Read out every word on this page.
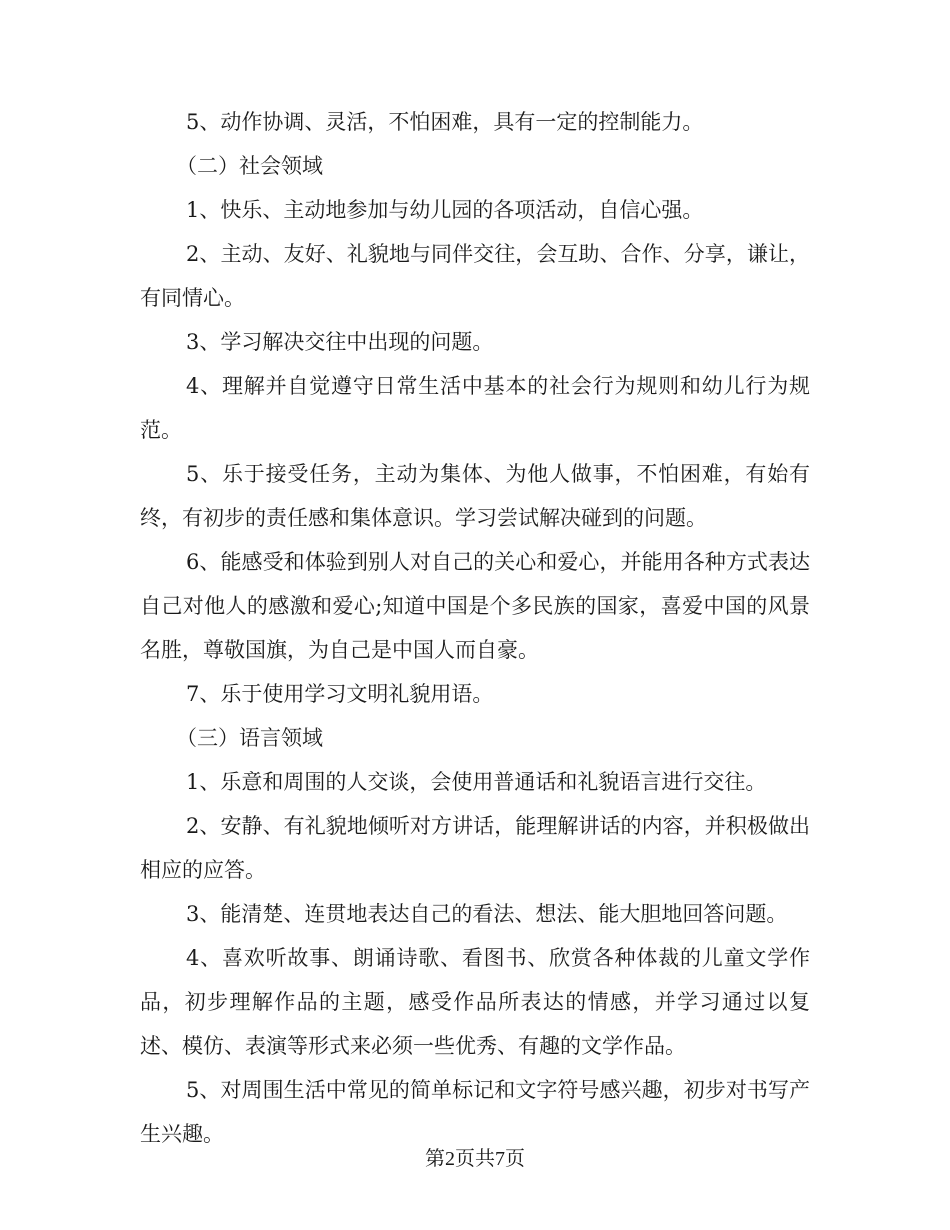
5、动作协调、灵活，不怕困难，具有一定的控制能力。

（二）社会领域

1、快乐、主动地参加与幼儿园的各项活动，自信心强。

2、主动、友好、礼貌地与同伴交往，会互助、合作、分享，谦让，有同情心。

3、学习解决交往中出现的问题。

4、理解并自觉遵守日常生活中基本的社会行为规则和幼儿行为规范。

5、乐于接受任务，主动为集体、为他人做事，不怕困难，有始有终，有初步的责任感和集体意识。学习尝试解决碰到的问题。

6、能感受和体验到别人对自己的关心和爱心，并能用各种方式表达自己对他人的感激和爱心;知道中国是个多民族的国家，喜爱中国的风景名胜，尊敬国旗，为自己是中国人而自豪。

7、乐于使用学习文明礼貌用语。

（三）语言领域

1、乐意和周围的人交谈，会使用普通话和礼貌语言进行交往。

2、安静、有礼貌地倾听对方讲话，能理解讲话的内容，并积极做出相应的应答。

3、能清楚、连贯地表达自己的看法、想法、能大胆地回答问题。

4、喜欢听故事、朗诵诗歌、看图书、欣赏各种体裁的儿童文学作品，初步理解作品的主题，感受作品所表达的情感，并学习通过以复述、模仿、表演等形式来必须一些优秀、有趣的文学作品。

5、对周围生活中常见的简单标记和文字符号感兴趣，初步对书写产生兴趣。

第2页共7页
